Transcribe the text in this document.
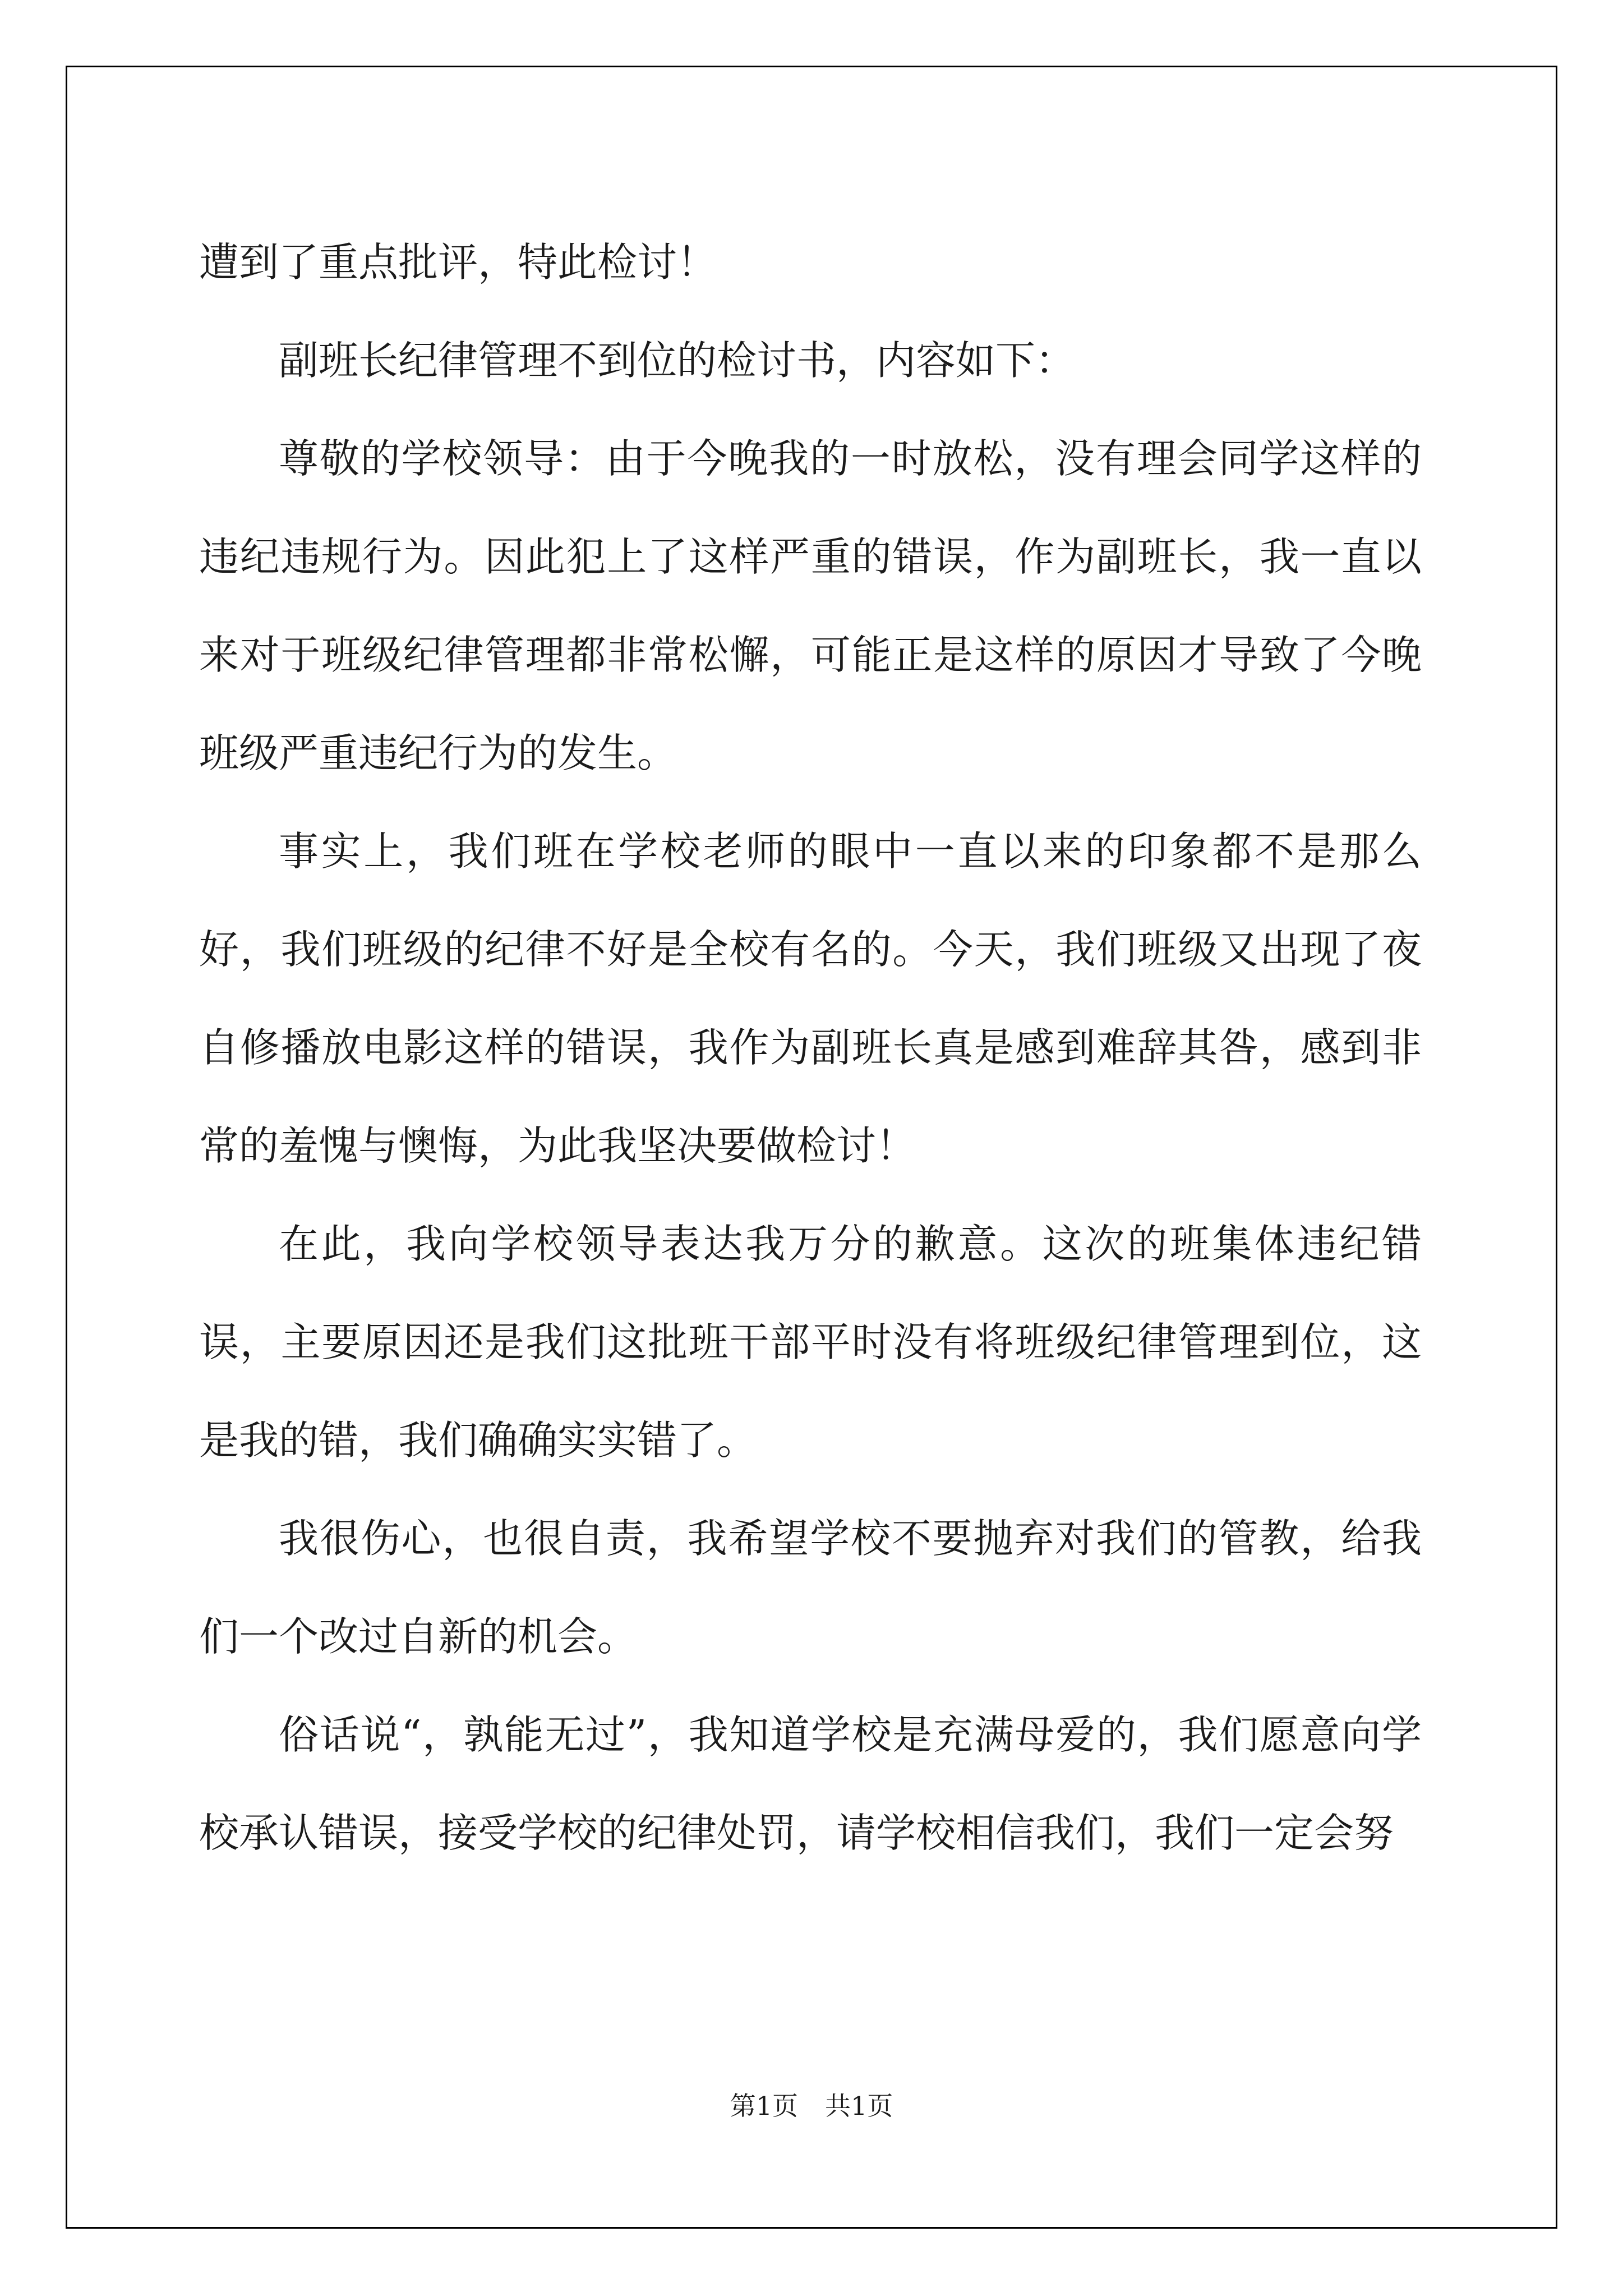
遭到了重点批评，特此检讨！

副班长纪律管理不到位的检讨书，内容如下：

尊敬的学校领导：由于今晚我的一时放松，没有理会同学这样的违纪违规行为。因此犯上了这样严重的错误，作为副班长，我一直以来对于班级纪律管理都非常松懈，可能正是这样的原因才导致了今晚班级严重违纪行为的发生。

事实上，我们班在学校老师的眼中一直以来的印象都不是那么好，我们班级的纪律不好是全校有名的。今天，我们班级又出现了夜自修播放电影这样的错误，我作为副班长真是感到难辞其咎，感到非常的羞愧与懊悔，为此我坚决要做检讨！

在此，我向学校领导表达我万分的歉意。这次的班集体违纪错误，主要原因还是我们这批班干部平时没有将班级纪律管理到位，这是我的错，我们确确实实错了。

我很伤心，也很自责，我希望学校不要抛弃对我们的管教，给我们一个改过自新的机会。

俗话说“，孰能无过”，我知道学校是充满母爱的，我们愿意向学校承认错误，接受学校的纪律处罚，请学校相信我们，我们一定会努

第1页 共1页
